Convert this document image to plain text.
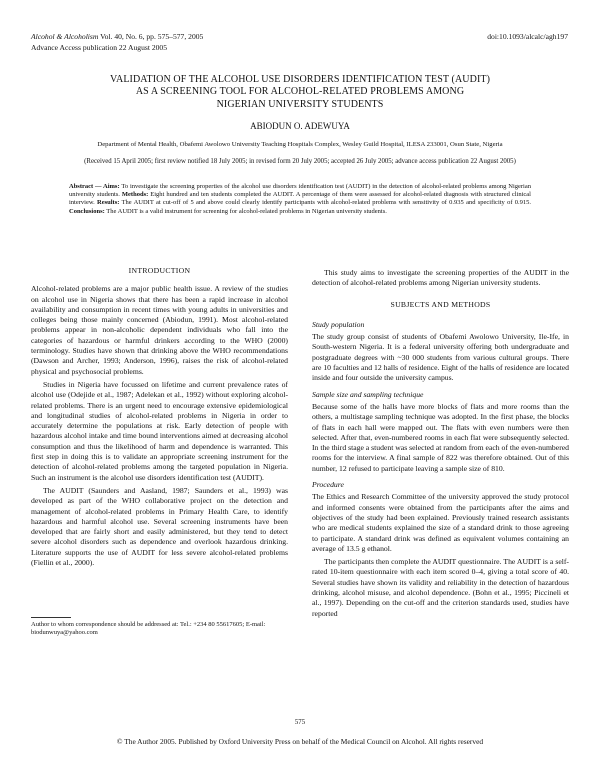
Alcohol & Alcoholism Vol. 40, No. 6, pp. 575–577, 2005
Advance Access publication 22 August 2005
doi:10.1093/alcalc/agh197
VALIDATION OF THE ALCOHOL USE DISORDERS IDENTIFICATION TEST (AUDIT)
AS A SCREENING TOOL FOR ALCOHOL-RELATED PROBLEMS AMONG
NIGERIAN UNIVERSITY STUDENTS
ABIODUN O. ADEWUYA
Department of Mental Health, Obafemi Awolowo University Teaching Hospitals Complex, Wesley Guild Hospital, ILESA 233001, Osun State, Nigeria
(Received 15 April 2005; first review notified 18 July 2005; in revised form 20 July 2005; accepted 26 July 2005; advance access publication 22 August 2005)
Abstract — Aims: To investigate the screening properties of the alcohol use disorders identification test (AUDIT) in the detection of alcohol-related problems among Nigerian university students. Methods: Eight hundred and ten students completed the AUDIT. A percentage of them were assessed for alcohol-related diagnosis with structured clinical interview. Results: The AUDIT at cut-off of 5 and above could clearly identify participants with alcohol-related problems with sensitivity of 0.935 and specificity of 0.915. Conclusions: The AUDIT is a valid instrument for screening for alcohol-related problems in Nigerian university students.
INTRODUCTION

Alcohol-related problems are a major public health issue. A review of the studies on alcohol use in Nigeria shows that there has been a rapid increase in alcohol availability and consumption in recent times with young adults in universities and colleges being those mainly concerned (Abiodun, 1991). Most alcohol-related problems appear in non-alcoholic dependent individuals who fall into the categories of hazardous or harmful drinkers according to the WHO (2000) terminology. Studies have shown that drinking above the WHO recommendations (Dawson and Archer, 1993; Anderson, 1996), raises the risk of alcohol-related physical and psychosocial problems.

Studies in Nigeria have focussed on lifetime and current prevalence rates of alcohol use (Odejide et al., 1987; Adelekan et al., 1992) without exploring alcohol-related problems. There is an urgent need to encourage extensive epidemiological and longitudinal studies of alcohol-related problems in Nigeria in order to accurately determine the populations at risk. Early detection of people with hazardous alcohol intake and time bound interventions aimed at decreasing alcohol consumption and thus the likelihood of harm and dependence is warranted. This first step in doing this is to validate an appropriate screening instrument for the detection of alcohol-related problems among the targeted population in Nigeria. Such an instrument is the alcohol use disorders identification test (AUDIT).

The AUDIT (Saunders and Aasland, 1987; Saunders et al., 1993) was developed as part of the WHO collaborative project on the detection and management of alcohol-related problems in Primary Health Care, to identify hazardous and harmful alcohol use. Several screening instruments have been developed that are fairly short and easily administered, but they tend to detect severe alcohol disorders such as dependence and overlook hazardous drinking. Literature supports the use of AUDIT for less severe alcohol-related problems (Fiellin et al., 2000).

Author to whom correspondence should be addressed at: Tel.: +234 80 55617605; E-mail: biodunwuya@yahoo.com

This study aims to investigate the screening properties of the AUDIT in the detection of alcohol-related problems among Nigerian university students.

SUBJECTS AND METHODS
Study population

The study group consist of students of Obafemi Awolowo University, Ile-Ife, in South-western Nigeria. It is a federal university offering both undergraduate and postgraduate degrees with ~30 000 students from various cultural groups. There are 10 faculties and 12 halls of residence. Eight of the halls of residence are located inside and four outside the university campus.

Sample size and sampling technique

Because some of the halls have more blocks of flats and more rooms than the others, a multistage sampling technique was adopted. In the first phase, the blocks of flats in each hall were mapped out. The flats with even numbers were then selected. After that, even-numbered rooms in each flat were subsequently selected. In the third stage a student was selected at random from each of the even-numbered rooms for the interview. A final sample of 822 was therefore obtained. Out of this number, 12 refused to participate leaving a sample size of 810.

Procedure

The Ethics and Research Committee of the university approved the study protocol and informed consents were obtained from the participants after the aims and objectives of the study had been explained. Previously trained research assistants who are medical students explained the size of a standard drink to those agreeing to participate. A standard drink was defined as equivalent volumes containing an average of 13.5 g ethanol.

The participants then complete the AUDIT questionnaire. The AUDIT is a self-rated 10-item questionnaire with each item scored 0–4, giving a total score of 40. Several studies have shown its validity and reliability in the detection of hazardous drinking, alcohol misuse, and alcohol dependence. (Bohn et al., 1995; Piccineli et al., 1997). Depending on the cut-off and the criterion standards used, studies have reported

575
© The Author 2005. Published by Oxford University Press on behalf of the Medical Council on Alcohol. All rights reserved
